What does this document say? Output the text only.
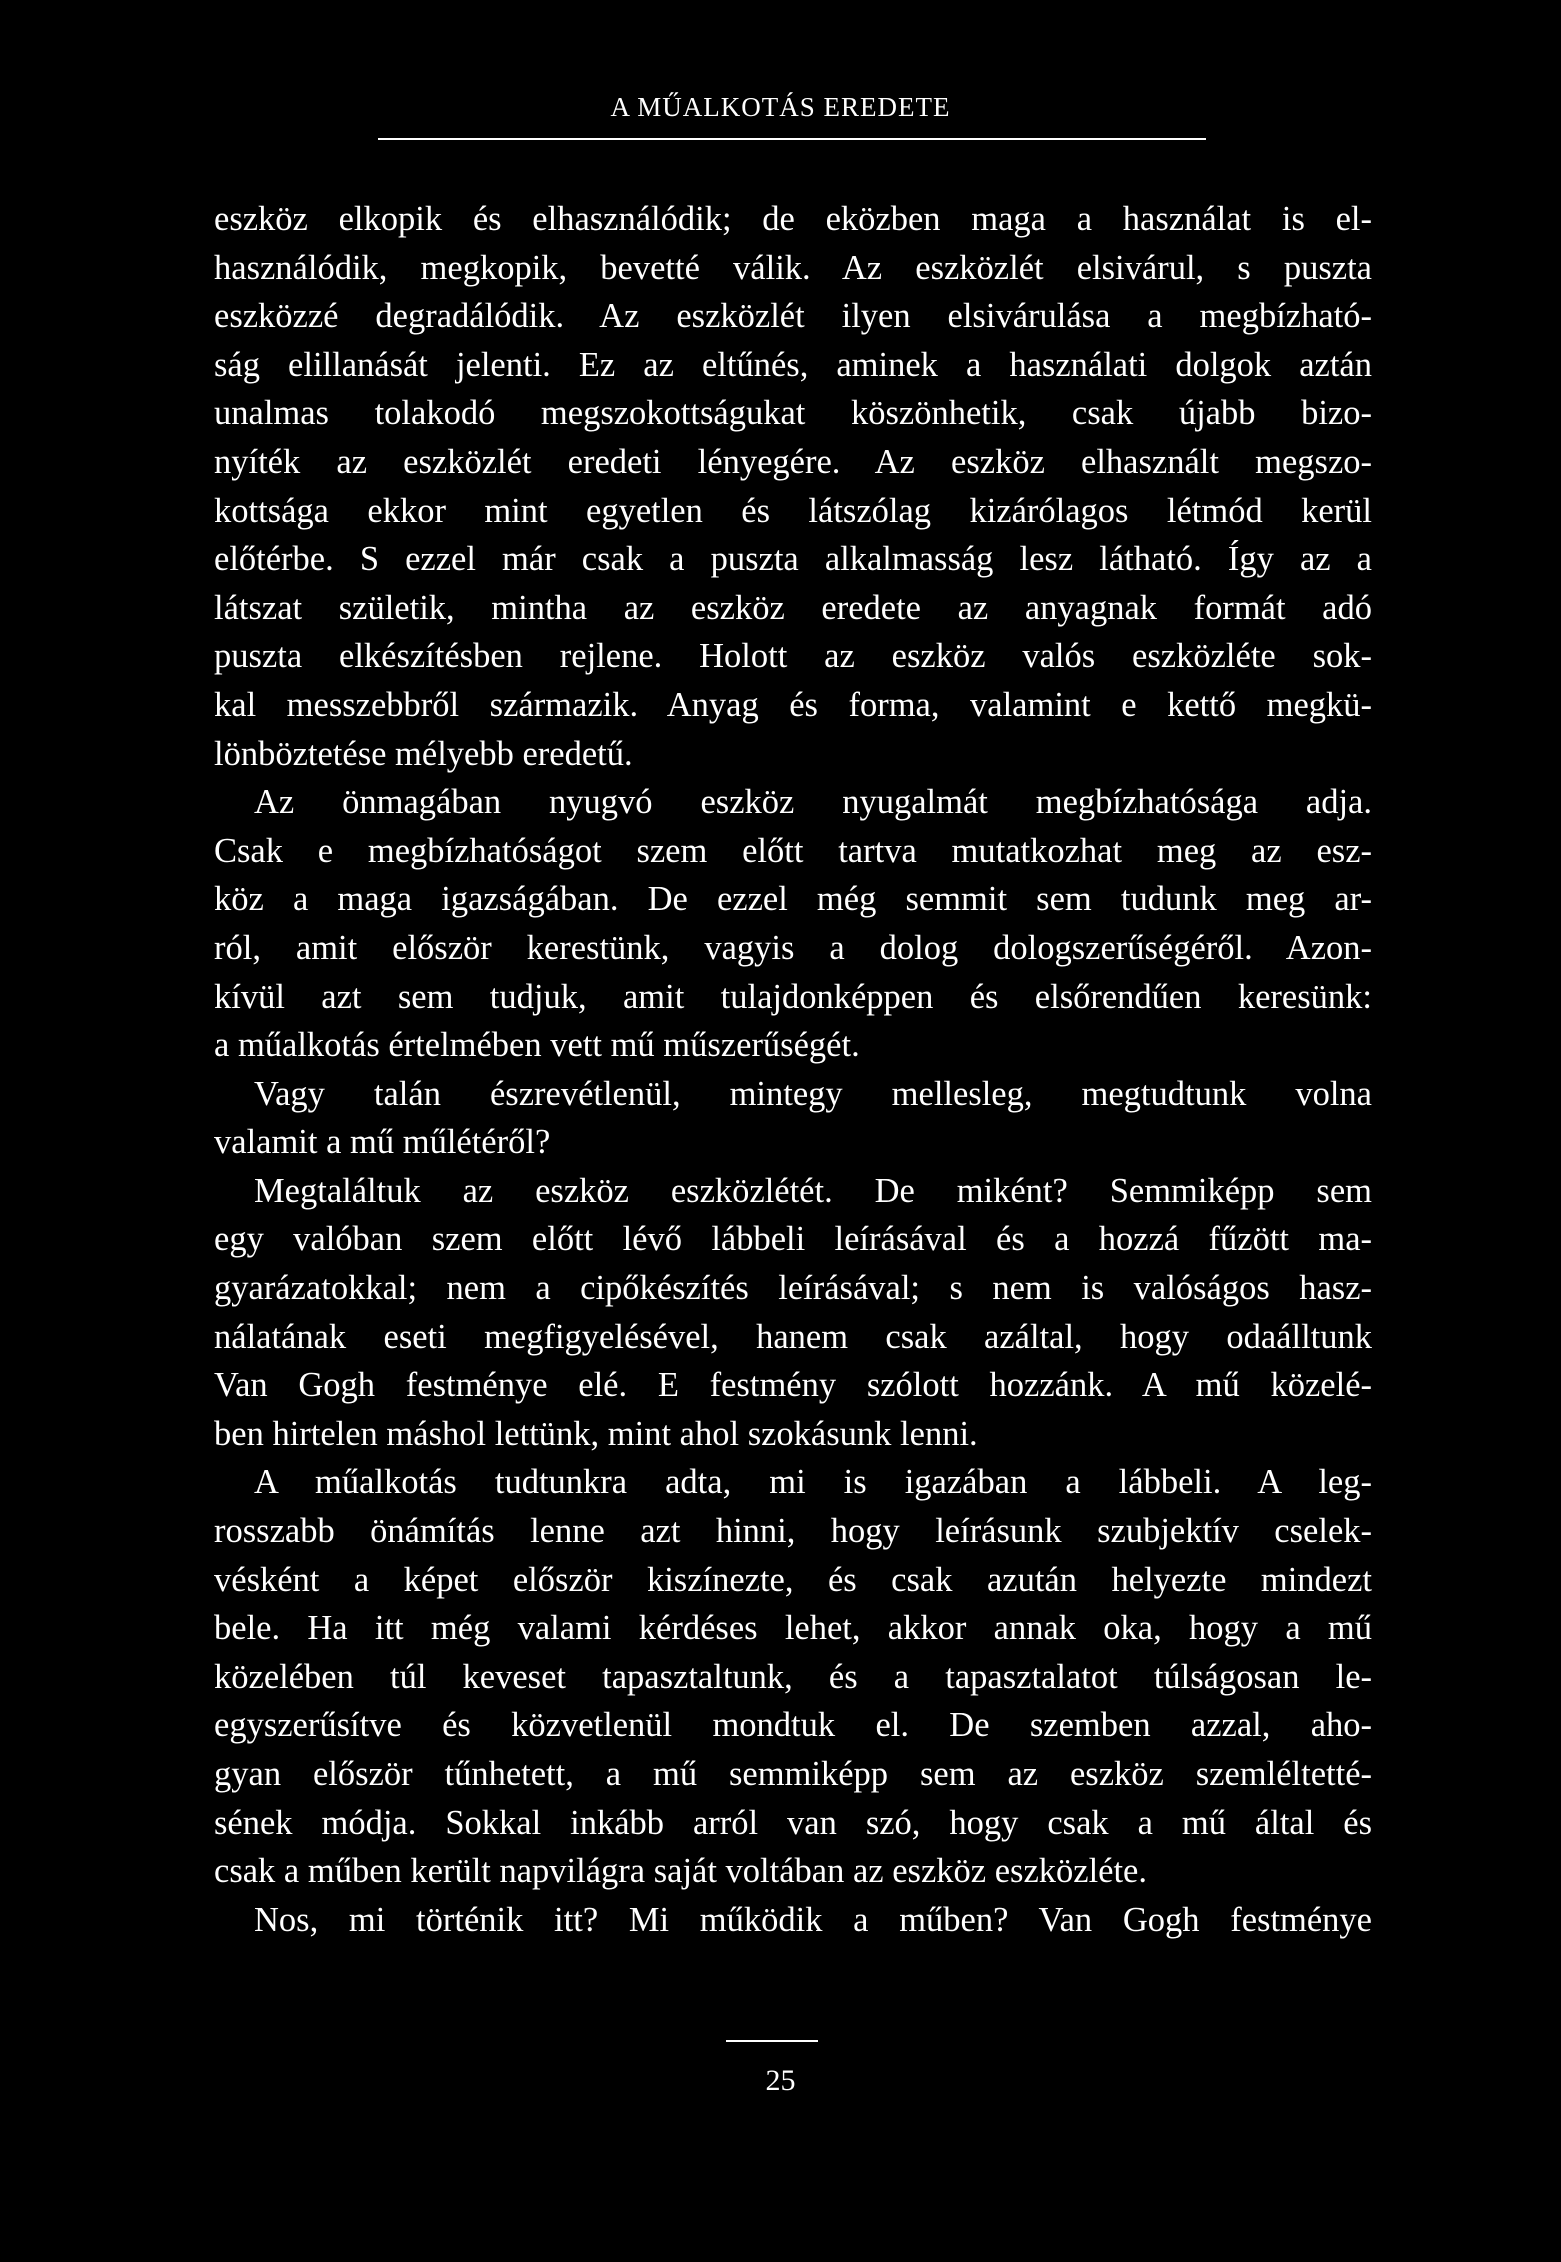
A MŰALKOTÁS EREDETE

eszköz elkopik és elhasználódik; de eközben maga a használat is el-
használódik, megkopik, bevetté válik. Az eszközlét elsivárul, s puszta
eszközzé degradálódik. Az eszközlét ilyen elsivárulása a megbízható-
ság elillanását jelenti. Ez az eltűnés, aminek a használati dolgok aztán
unalmas tolakodó megszokottságukat köszönhetik, csak újabb bizo-
nyíték az eszközlét eredeti lényegére. Az eszköz elhasznált megszo-
kottsága ekkor mint egyetlen és látszólag kizárólagos létmód kerül
előtérbe. S ezzel már csak a puszta alkalmasság lesz látható. Így az a
látszat születik, mintha az eszköz eredete az anyagnak formát adó
puszta elkészítésben rejlene. Holott az eszköz valós eszközléte sok-
kal messzebbről származik. Anyag és forma, valamint e kettő megkü-
lönböztetése mélyebb eredetű.

Az önmagában nyugvó eszköz nyugalmát megbízhatósága adja.
Csak e megbízhatóságot szem előtt tartva mutatkozhat meg az esz-
köz a maga igazságában. De ezzel még semmit sem tudunk meg ar-
ról, amit először kerestünk, vagyis a dolog dologszerűségéről. Azon-
kívül azt sem tudjuk, amit tulajdonképpen és elsőrendűen keresünk:
a műalkotás értelmében vett mű műszerűségét.

Vagy talán észrevétlenül, mintegy mellesleg, megtudtunk volna
valamit a mű műlétéről?

Megtaláltuk az eszköz eszközlétét. De miként? Semmiképp sem
egy valóban szem előtt lévő lábbeli leírásával és a hozzá fűzött ma-
gyarázatokkal; nem a cipőkészítés leírásával; s nem is valóságos hasz-
nálatának eseti megfigyelésével, hanem csak azáltal, hogy odaálltunk
Van Gogh festménye elé. E festmény szólott hozzánk. A mű közelé-
ben hirtelen máshol lettünk, mint ahol szokásunk lenni.

A műalkotás tudtunkra adta, mi is igazában a lábbeli. A leg-
rosszabb önámítás lenne azt hinni, hogy leírásunk szubjektív cselek-
vésként a képet először kiszínezte, és csak azután helyezte mindezt
bele. Ha itt még valami kérdéses lehet, akkor annak oka, hogy a mű
közelében túl keveset tapasztaltunk, és a tapasztalatot túlságosan le-
egyszerűsítve és közvetlenül mondtuk el. De szemben azzal, aho-
gyan először tűnhetett, a mű semmiképp sem az eszköz szemléltetté-
sének módja. Sokkal inkább arról van szó, hogy csak a mű által és
csak a műben került napvilágra saját voltában az eszköz eszközléte.

Nos, mi történik itt? Mi működik a műben? Van Gogh festménye

25
